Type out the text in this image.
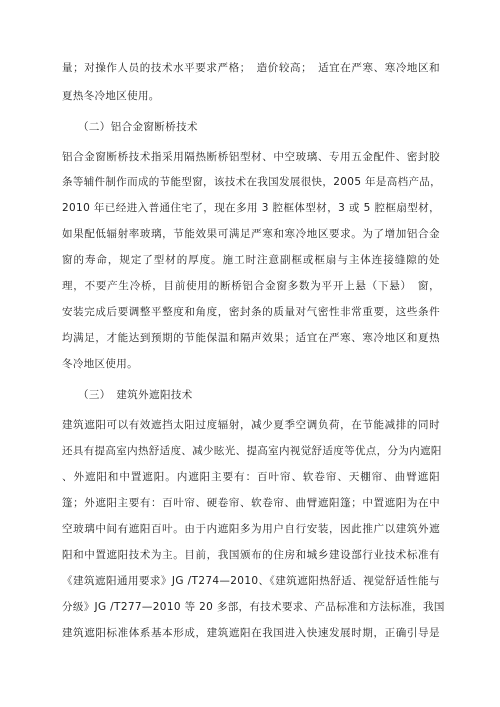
量；对操作人员的技术水平要求严格；　造价较高；　适宜在严寒、寒冷地区和
夏热冬冷地区使用。
（二）铝合金窗断桥技术
铝合金窗断桥技术指采用隔热断桥铝型材、中空玻璃、专用五金配件、密封胶
条等辅件制作而成的节能型窗，该技术在我国发展很快，2005 年是高档产品，
2010 年已经进入普通住宅了，现在多用 3 腔框体型材，3 或 5 腔框扇型材，
如果配低辐射率玻璃，节能效果可满足严寒和寒冷地区要求。为了增加铝合金
窗的寿命，规定了型材的厚度。施工时注意副框或框扇与主体连接缝隙的处
理，不要产生冷桥，目前使用的断桥铝合金窗多数为平开上悬（下悬）　窗，
安装完成后要调整平整度和角度，密封条的质量对气密性非常重要，这些条件
均满足，才能达到预期的节能保温和隔声效果；适宜在严寒、寒冷地区和夏热
冬冷地区使用。
（三）　建筑外遮阳技术
建筑遮阳可以有效遮挡太阳过度辐射，减少夏季空调负荷，在节能减排的同时
还具有提高室内热舒适度、减少眩光、提高室内视觉舒适度等优点，分为内遮阳
、外遮阳和中置遮阳。内遮阳主要有：百叶帘、软卷帘、天棚帘、曲臂遮阳
篷；外遮阳主要有：百叶帘、硬卷帘、软卷帘、曲臂遮阳篷；中置遮阳为在中
空玻璃中间有遮阳百叶。由于内遮阳多为用户自行安装，因此推广以建筑外遮
阳和中置遮阳技术为主。目前，我国颁布的住房和城乡建设部行业技术标准有
《建筑遮阳通用要求》JG /T274—2010、《建筑遮阳热舒适、视觉舒适性能与
分级》JG /T277—2010 等 20 多部，有技术要求、产品标准和方法标准，我国
建筑遮阳标准体系基本形成，建筑遮阳在我国进入快速发展时期，正确引导是
